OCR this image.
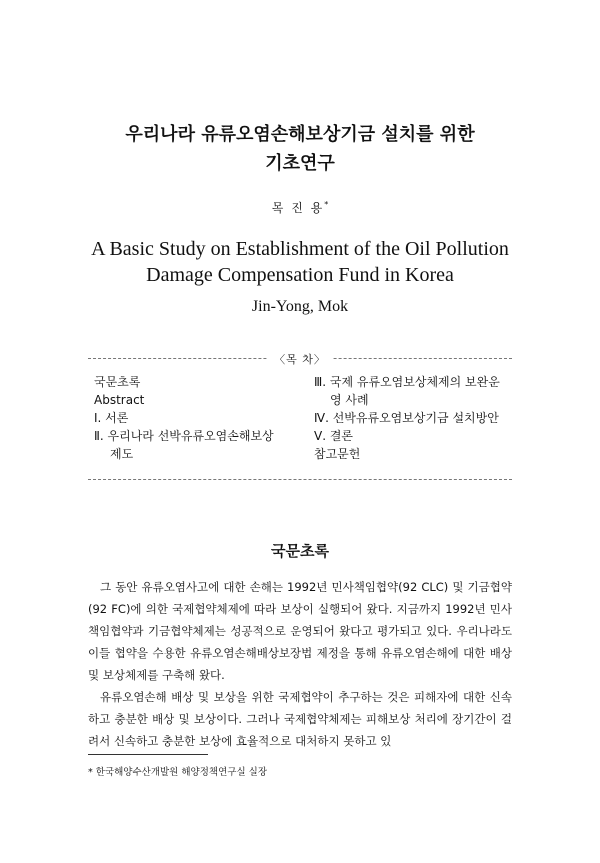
우리나라 유류오염손해보상기금 설치를 위한
기초연구
목 진 용*
A Basic Study on Establishment of the Oil Pollution
Damage Compensation Fund in Korea
Jin-Yong, Mok
〈목 차〉
국문초록
Abstract
Ⅰ. 서론
Ⅱ. 우리나라 선박유류오염손해보상
제도
Ⅲ. 국제 유류오염보상체제의 보완운
영 사례
Ⅳ. 선박유류오염보상기금 설치방안
Ⅴ. 결론
참고문헌
국문초록

그 동안 유류오염사고에 대한 손해는 1992년 민사책임협약(92 CLC) 및 기금협약(92 FC)에 의한 국제협약체제에 따라 보상이 실행되어 왔다. 지금까지 1992년 민사책임협약과 기금협약체제는 성공적으로 운영되어 왔다고 평가되고 있다. 우리나라도 이들 협약을 수용한 유류오염손해배상보장법 제정을 통해 유류오염손해에 대한 배상 및 보상체제를 구축해 왔다.

유류오염손해 배상 및 보상을 위한 국제협약이 추구하는 것은 피해자에 대한 신속하고 충분한 배상 및 보상이다. 그러나 국제협약체제는 피해보상 처리에 장기간이 걸려서 신속하고 충분한 보상에 효율적으로 대처하지 못하고 있

* 한국해양수산개발원 해양정책연구실 실장
